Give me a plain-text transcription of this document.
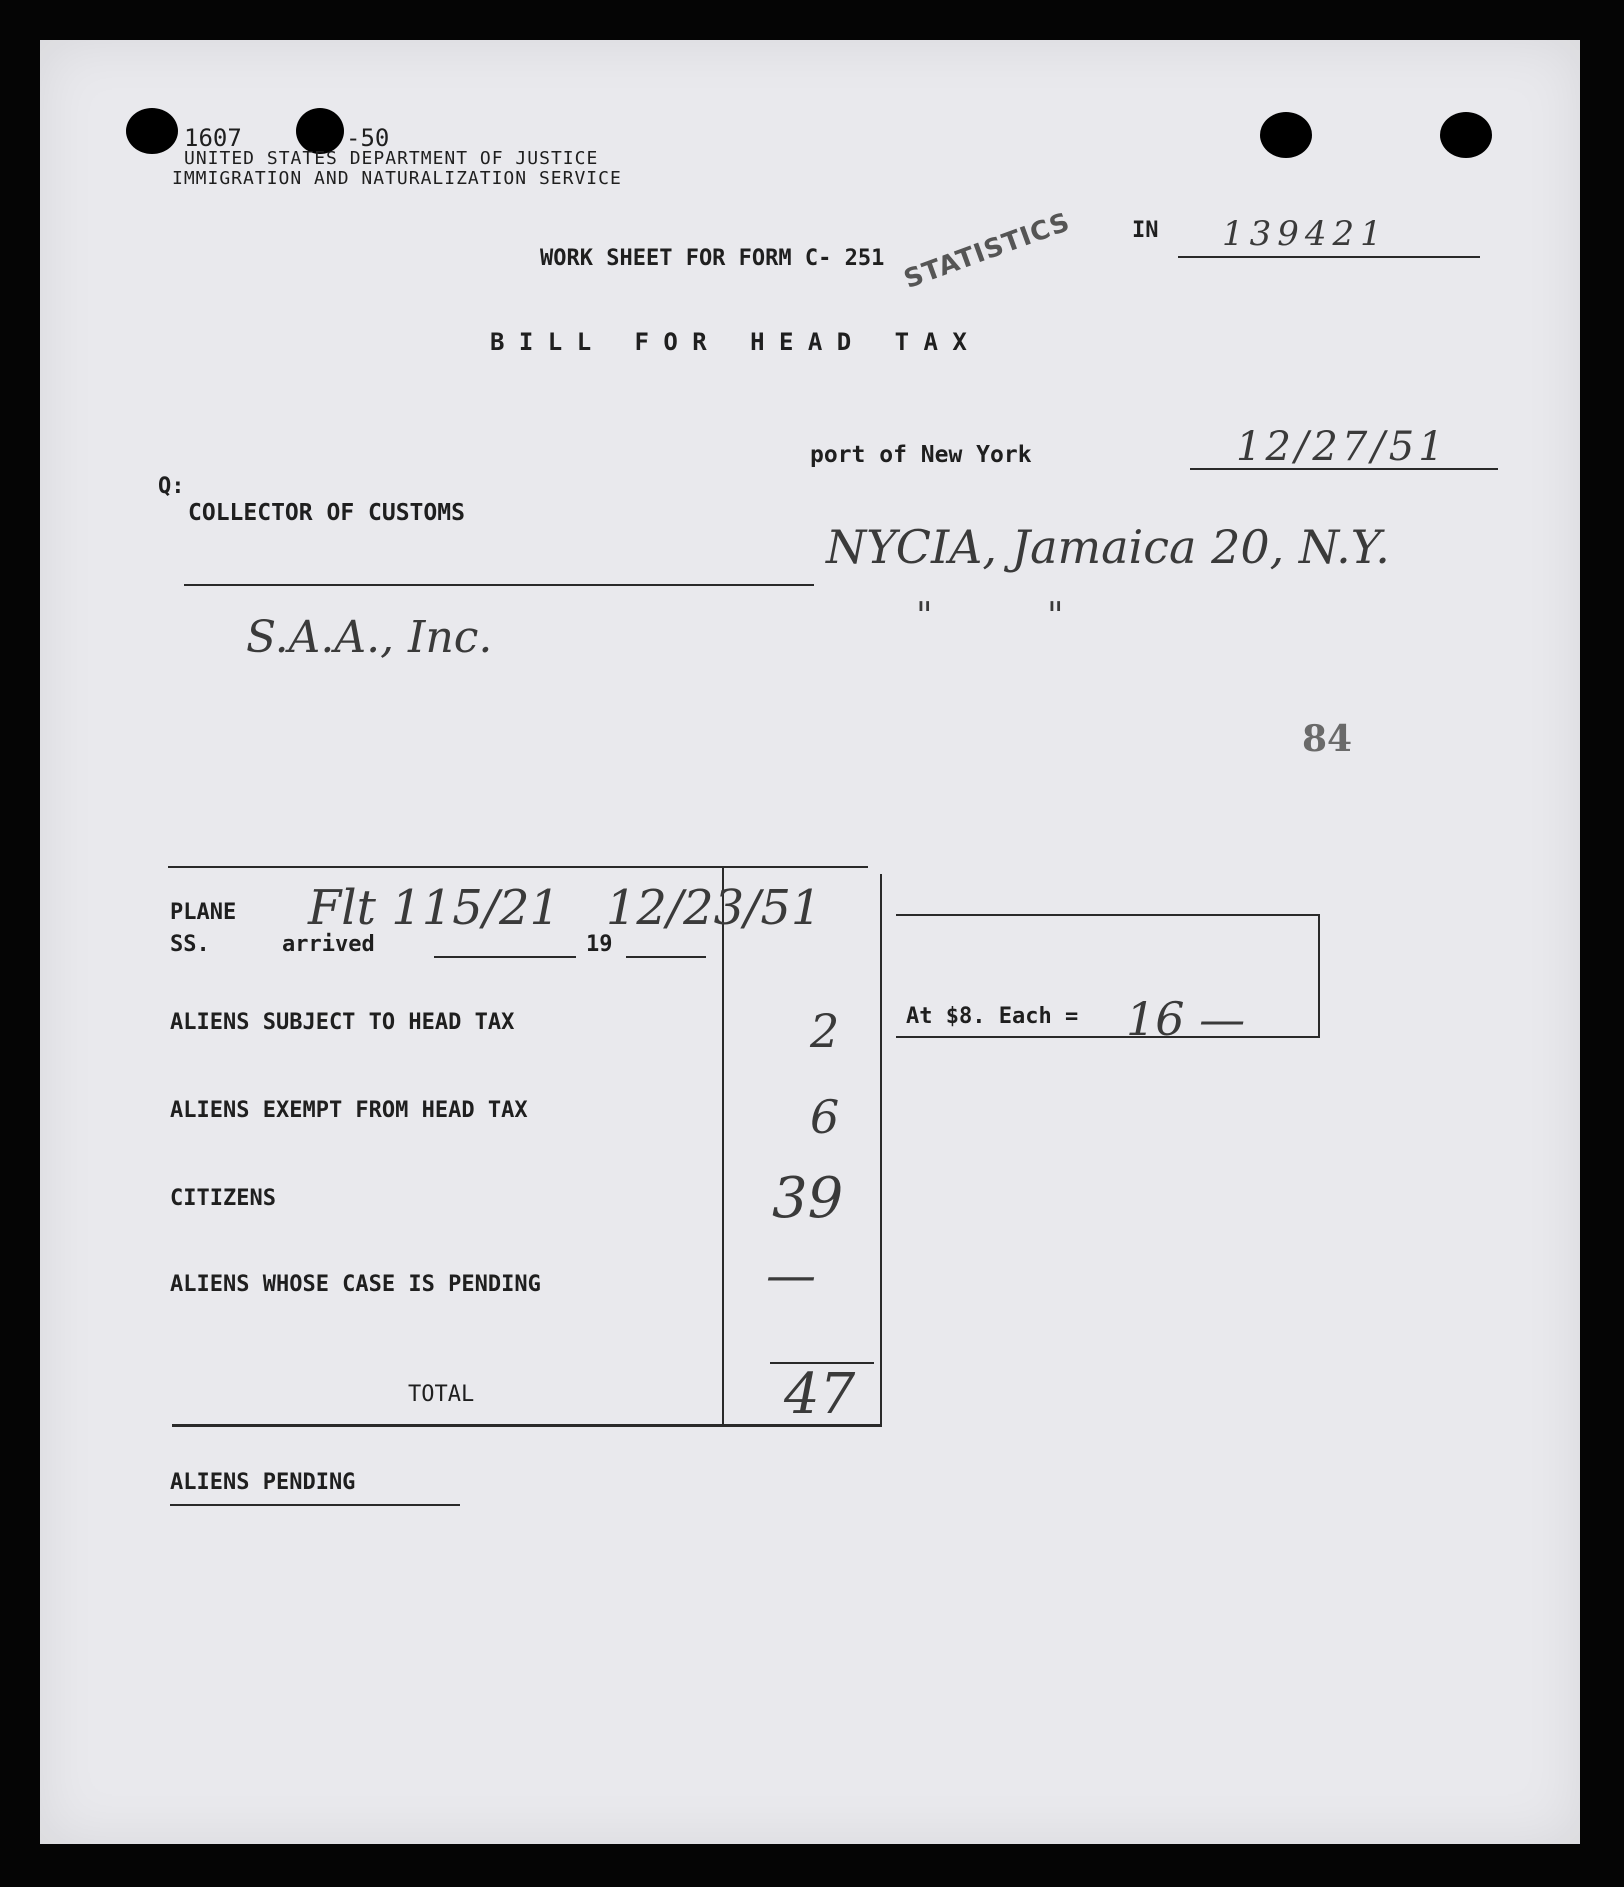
1607	-50
UNITED STATES DEPARTMENT OF JUSTICE
IMMIGRATION AND NATURALIZATION SERVICE
WORK SHEET FOR FORM C- 251 STATISTICS	IN 139421
B I L L   F O R   H E A D   T A X
port of New York	12/27/51
Q:
COLLECTOR OF CUSTOMS
NYCIA, Jamaica 20, N.Y.
"          "
S.A.A., Inc.
84
PLANE
SS.	arrived	19
Flt 115/21   12/23/51
ALIENS SUBJECT TO HEAD TAX	2	At $8. Each = 16 —
ALIENS EXEMPT FROM HEAD TAX	6
CITIZENS	39
ALIENS WHOSE CASE IS PENDING	—
TOTAL	47
ALIENS PENDING
